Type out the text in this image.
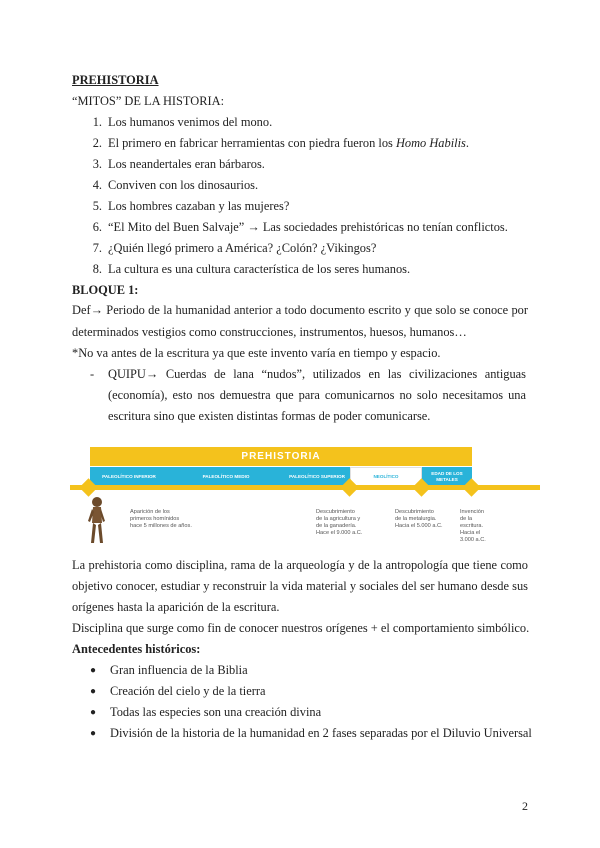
PREHISTORIA
“MITOS” DE LA HISTORIA:
1. Los humanos venimos del mono.
2. El primero en fabricar herramientas con piedra fueron los Homo Habilis.
3. Los neandertales eran bárbaros.
4. Conviven con los dinosaurios.
5. Los hombres cazaban y las mujeres?
6. “El Mito del Buen Salvaje” → Las sociedades prehistóricas no tenían conflictos.
7. ¿Quién llegó primero a América? ¿Colón? ¿Vikingos?
8. La cultura es una cultura característica de los seres humanos.
BLOQUE 1:
Def→ Periodo de la humanidad anterior a todo documento escrito y que solo se conoce por
determinados vestigios como construcciones, instrumentos, huesos, humanos…
*No va antes de la escritura ya que este invento varía en tiempo y espacio.
- QUIPU→ Cuerdas de lana “nudos”, utilizados en las civilizaciones antiguas
(economía), esto nos demuestra que para comunicarnos no solo necesitamos una
escritura sino que existen distintas formas de poder comunicarse.
PREHISTORIA
PALEOLÍTICO INFERIOR	PALEOLÍTICO MEDIO	PALEOLÍTICO SUPERIOR	NEOLÍTICO
EDAD DE LOS METALES
Aparición de los
primeros homínidos
hace 5 millones de años.
Descubrimiento
de la agricultura y
de la ganadería.
Hace el 9.000 a.C.
Descubrimiento
de la metalurgia.
Hacia el 5.000 a.C.
Invención
de la escritura.
Hacia el 3.000 a.C.
La prehistoria como disciplina, rama de la arqueología y de la antropología que tiene como
objetivo conocer, estudiar y reconstruir la vida material y sociales del ser humano desde sus
orígenes hasta la aparición de la escritura.
Disciplina que surge como fin de conocer nuestros orígenes + el comportamiento simbólico.
Antecedentes históricos:
● Gran influencia de la Biblia
● Creación del cielo y de la tierra
● Todas las especies son una creación divina
● División de la historia de la humanidad en 2 fases separadas por el Diluvio Universal
2
